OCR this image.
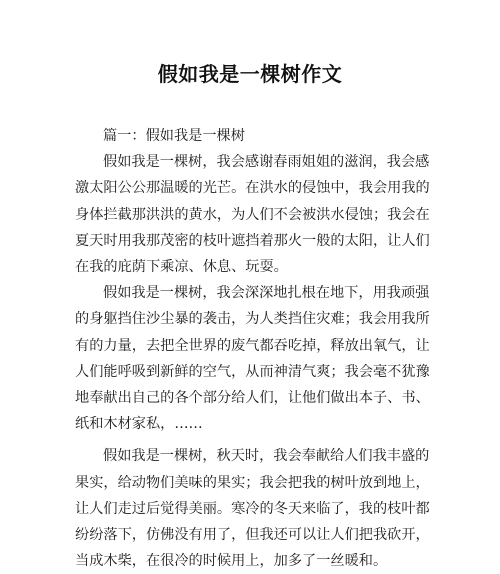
假如我是一棵树作文
篇一：假如我是一棵树
假如我是一棵树，我会感谢春雨姐姐的滋润，我会感
激太阳公公那温暖的光芒。在洪水的侵蚀中，我会用我的
身体拦截那洪洪的黄水，为人们不会被洪水侵蚀；我会在
夏天时用我那茂密的枝叶遮挡着那火一般的太阳，让人们
在我的庇荫下乘凉、休息、玩耍。
假如我是一棵树，我会深深地扎根在地下，用我顽强
的身躯挡住沙尘暴的袭击，为人类挡住灾难；我会用我所
有的力量，去把全世界的废气都吞吃掉，释放出氧气，让
人们能呼吸到新鲜的空气，从而神清气爽；我会毫不犹豫
地奉献出自己的各个部分给人们，让他们做出本子、书、
纸和木材家私，……
假如我是一棵树，秋天时，我会奉献给人们我丰盛的
果实，给动物们美味的果实；我会把我的树叶放到地上，
让人们走过后觉得美丽。寒冷的冬天来临了，我的枝叶都
纷纷落下，仿佛没有用了，但我还可以让人们把我砍开，
当成木柴，在很冷的时候用上，加多了一丝暖和。
